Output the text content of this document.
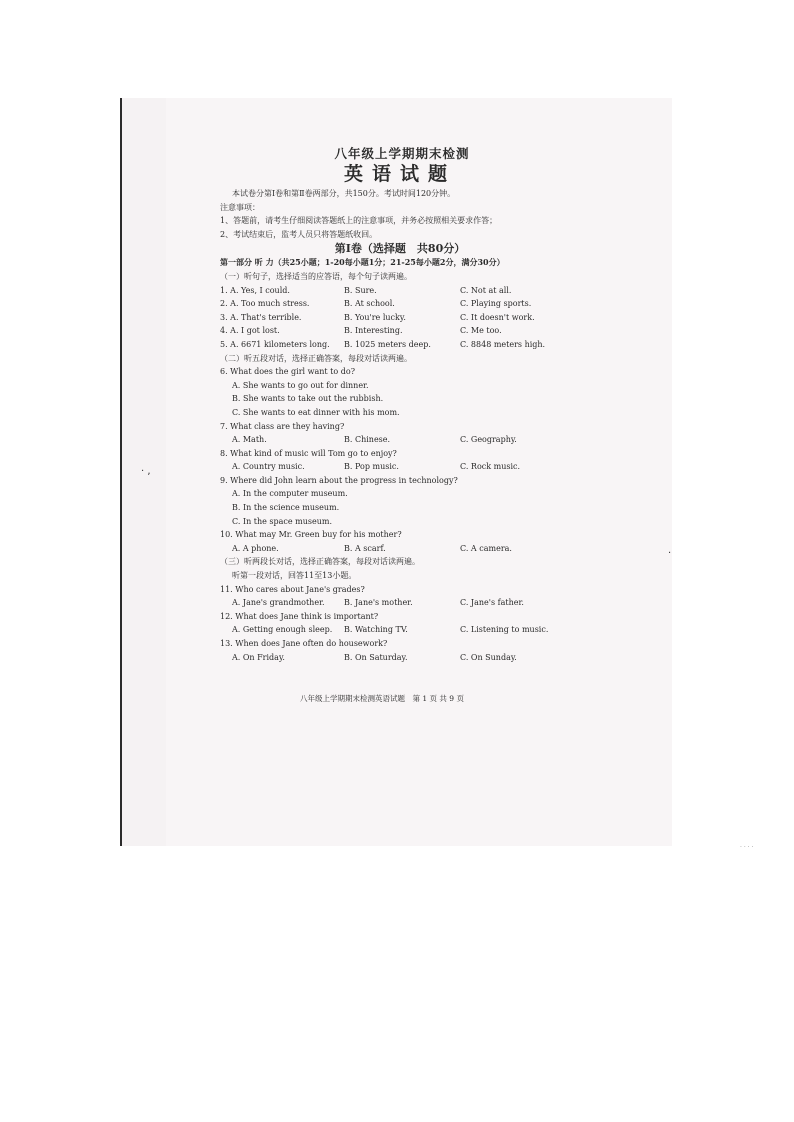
· · · ·
· ,
·
八年级上学期期末检测
英语试题
本试卷分第Ⅰ卷和第Ⅱ卷两部分，共150分。考试时间120分钟。
注意事项：
1、答题前，请考生仔细阅读答题纸上的注意事项，并务必按照相关要求作答；
2、考试结束后，监考人员只将答题纸收回。
第Ⅰ卷（选择题　共80分）
第一部分 听 力（共25小题；1-20每小题1分；21-25每小题2分，满分30分）
（一）听句子，选择适当的应答语，每个句子读两遍。
1. A. Yes, I could.	B. Sure.	C. Not at all.
2. A. Too much stress.	B. At school.	C. Playing sports.
3. A. That's terrible.	B. You're lucky.	C. It doesn't work.
4. A. I got lost.	B. Interesting.	C. Me too.
5. A. 6671 kilometers long.	B. 1025 meters deep.	C. 8848 meters high.
（二）听五段对话，选择正确答案，每段对话读两遍。
6. What does the girl want to do?
A. She wants to go out for dinner.
B. She wants to take out the rubbish.
C. She wants to eat dinner with his mom.
7. What class are they having?
A. Math.	B. Chinese.	C. Geography.
8. What kind of music will Tom go to enjoy?
A. Country music.	B. Pop music.	C. Rock music.
9. Where did John learn about the progress in technology?
A. In the computer museum.
B. In the science museum.
C. In the space museum.
10. What may Mr. Green buy for his mother?
A. A phone.	B. A scarf.	C. A camera.
（三）听两段长对话，选择正确答案，每段对话读两遍。
听第一段对话，回答11至13小题。
11. Who cares about Jane's grades?
A. Jane's grandmother.	B. Jane's mother.	C. Jane's father.
12. What does Jane think is important?
A. Getting enough sleep.	B. Watching TV.	C. Listening to music.
13. When does Jane often do housework?
A. On Friday.	B. On Saturday.	C. On Sunday.
八年级上学期期末检测英语试题　第 1 页 共 9 页
